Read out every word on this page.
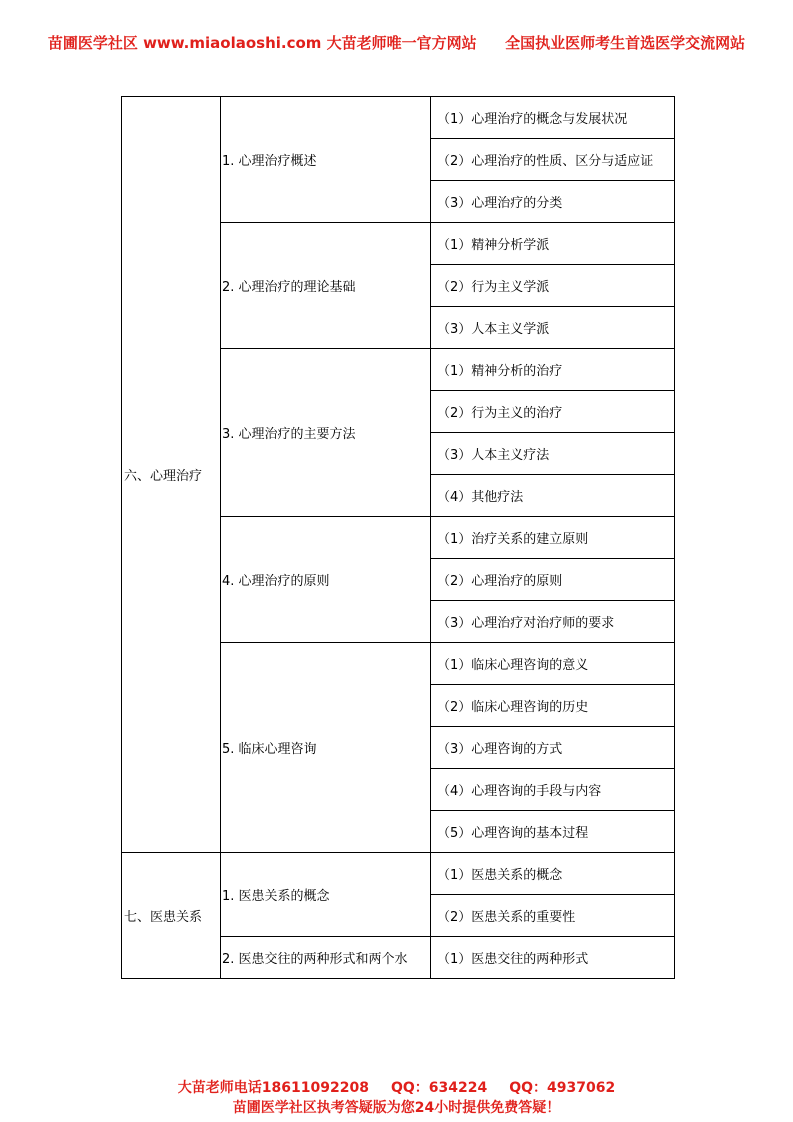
苗圃医学社区 www.miaolaoshi.com 大苗老师唯一官方网站 全国执业医师考生首选医学交流网站
六、心理治疗	1. 心理治疗概述	（1）心理治疗的概念与发展状况
		（2）心理治疗的性质、区分与适应证
		（3）心理治疗的分类
	2. 心理治疗的理论基础	（1）精神分析学派
		（2）行为主义学派
		（3）人本主义学派
	3. 心理治疗的主要方法	（1）精神分析的治疗
		（2）行为主义的治疗
		（3）人本主义疗法
		（4）其他疗法
	4. 心理治疗的原则	（1）治疗关系的建立原则
		（2）心理治疗的原则
		（3）心理治疗对治疗师的要求
	5. 临床心理咨询	（1）临床心理咨询的意义
		（2）临床心理咨询的历史
		（3）心理咨询的方式
		（4）心理咨询的手段与内容
		（5）心理咨询的基本过程
七、医患关系	1. 医患关系的概念	（1）医患关系的概念
		（2）医患关系的重要性
	2. 医患交往的两种形式和两个水	（1）医患交往的两种形式
大苗老师电话18611092208 QQ：634224 QQ：4937062
苗圃医学社区执考答疑版为您24小时提供免费答疑！
